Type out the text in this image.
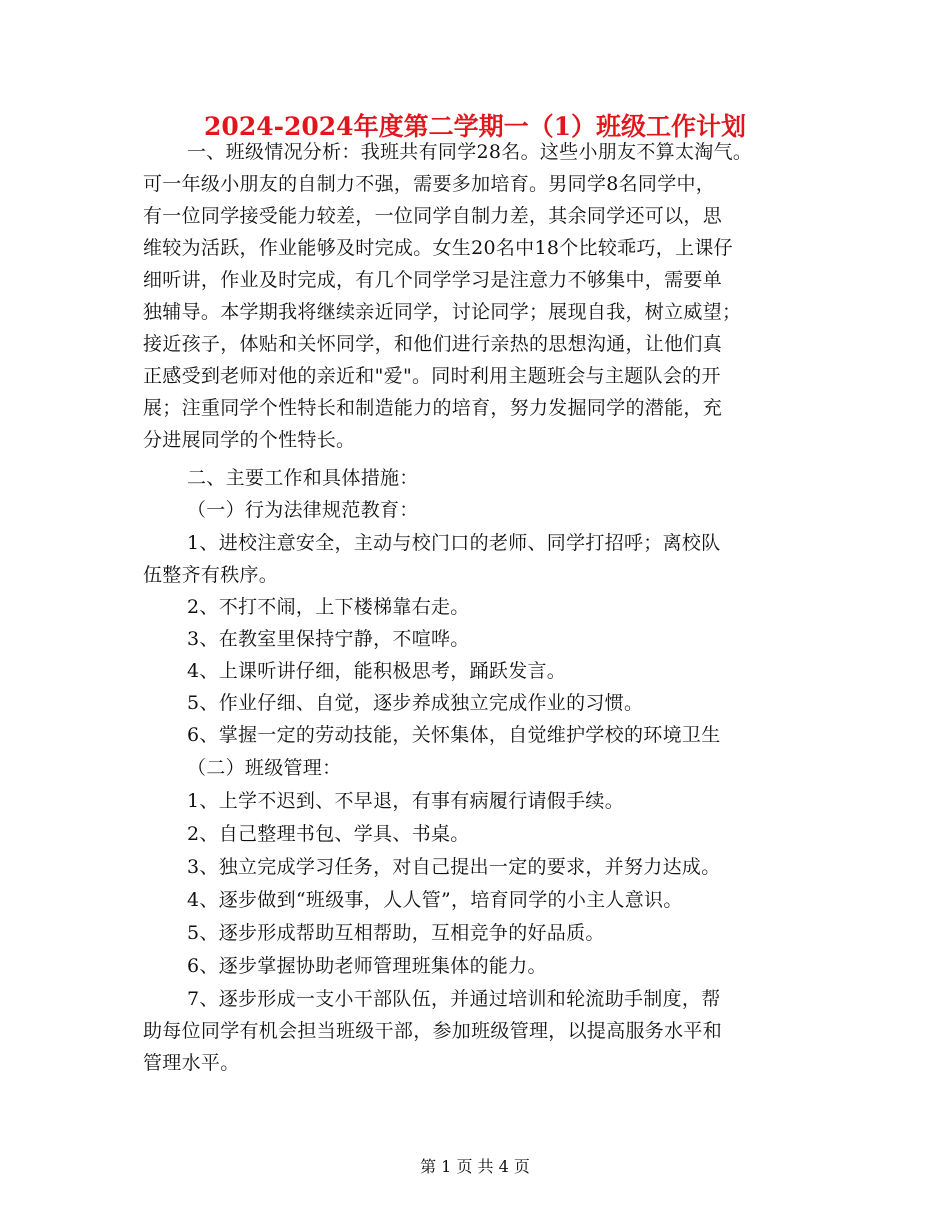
2024-2024年度第二学期一（1）班级工作计划
一、班级情况分析：我班共有同学28名。这些小朋友不算太淘气。
可一年级小朋友的自制力不强，需要多加培育。男同学8名同学中，
有一位同学接受能力较差，一位同学自制力差，其余同学还可以，思
维较为活跃，作业能够及时完成。女生20名中18个比较乖巧，上课仔
细听讲，作业及时完成，有几个同学学习是注意力不够集中，需要单
独辅导。本学期我将继续亲近同学，讨论同学；展现自我，树立威望；
接近孩子，体贴和关怀同学，和他们进行亲热的思想沟通，让他们真
正感受到老师对他的亲近和"爱"。同时利用主题班会与主题队会的开
展；注重同学个性特长和制造能力的培育，努力发掘同学的潜能，充
分进展同学的个性特长。
二、主要工作和具体措施：
（一）行为法律规范教育：
1、进校注意安全，主动与校门口的老师、同学打招呼；离校队
伍整齐有秩序。
2、不打不闹，上下楼梯靠右走。
3、在教室里保持宁静，不喧哗。
4、上课听讲仔细，能积极思考，踊跃发言。
5、作业仔细、自觉，逐步养成独立完成作业的习惯。
6、掌握一定的劳动技能，关怀集体，自觉维护学校的环境卫生
（二）班级管理：
1、上学不迟到、不早退，有事有病履行请假手续。
2、自己整理书包、学具、书桌。
3、独立完成学习任务，对自己提出一定的要求，并努力达成。
4、逐步做到“班级事，人人管”，培育同学的小主人意识。
5、逐步形成帮助互相帮助，互相竞争的好品质。
6、逐步掌握协助老师管理班集体的能力。
7、逐步形成一支小干部队伍，并通过培训和轮流助手制度，帮
助每位同学有机会担当班级干部，参加班级管理，以提高服务水平和
管理水平。
第 1 页 共 4 页
